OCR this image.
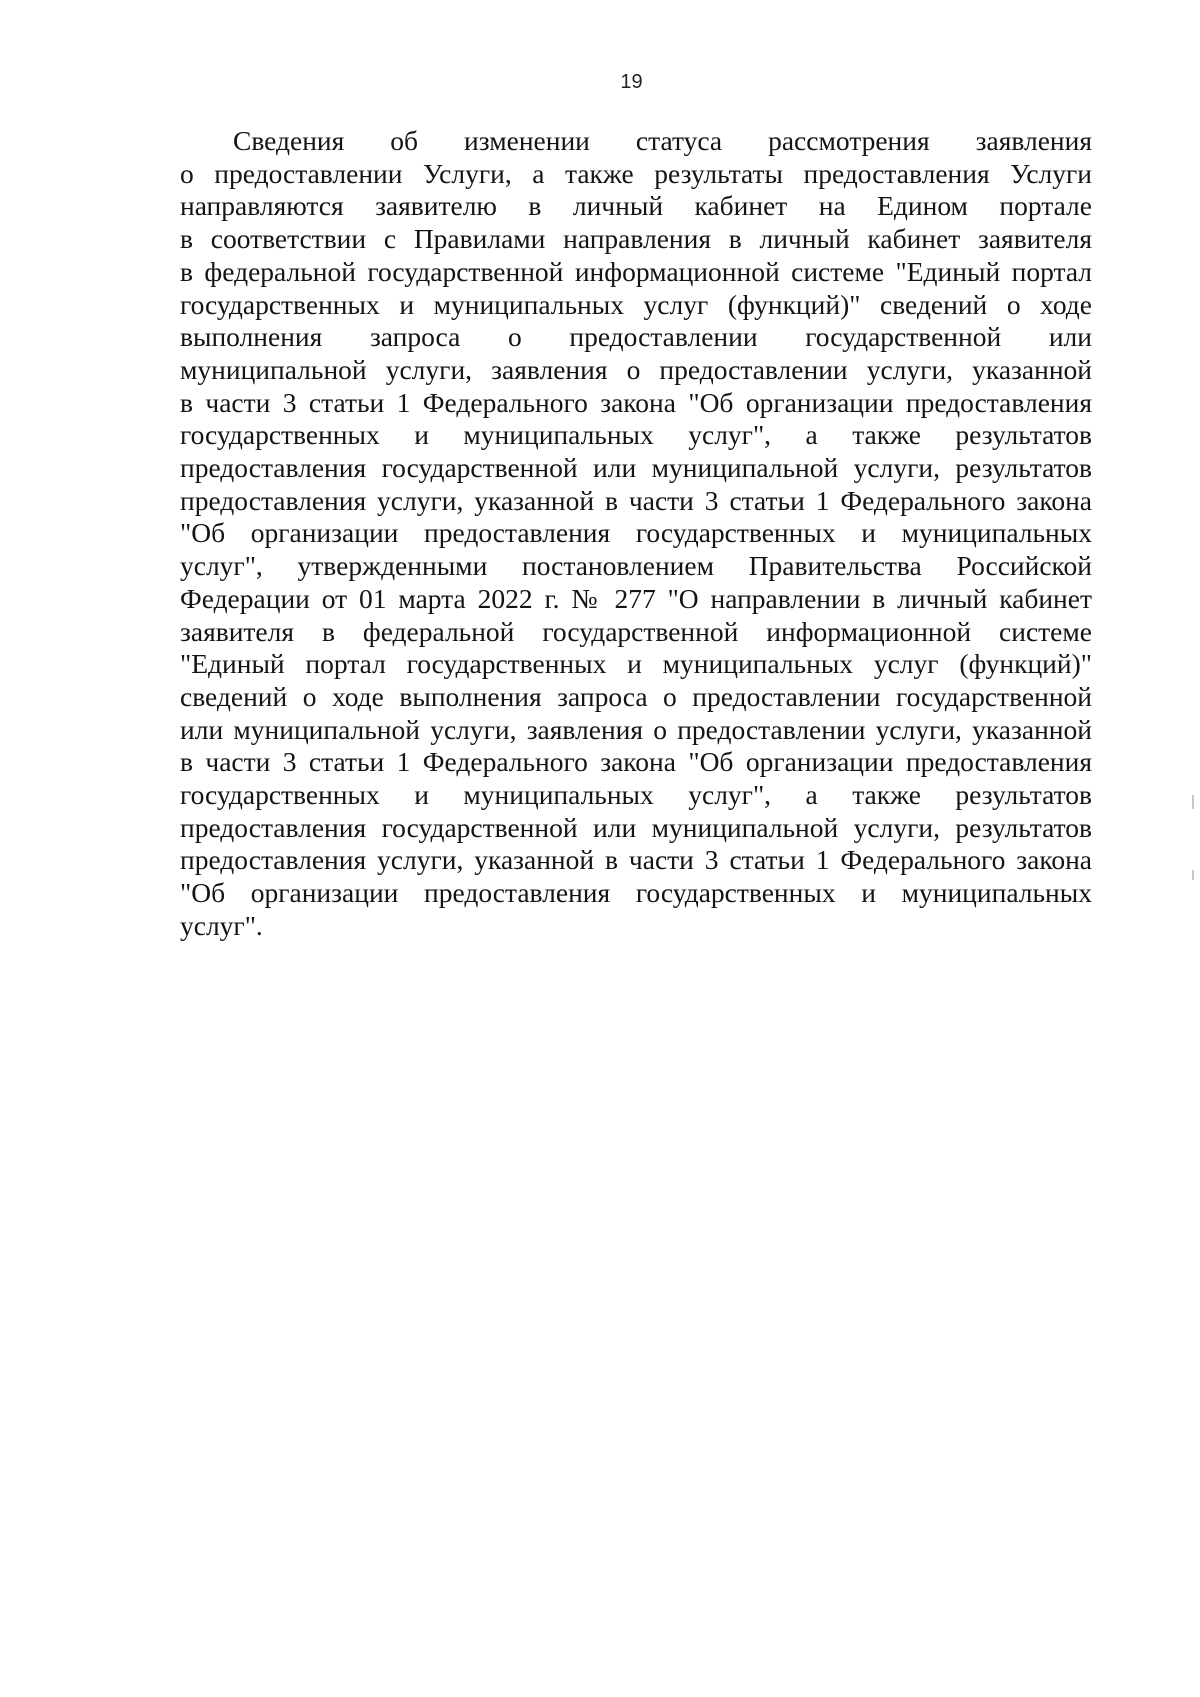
19
Сведения об изменении статуса рассмотрения заявления
о предоставлении Услуги, а также результаты предоставления Услуги
направляются заявителю в личный кабинет на Едином портале
в соответствии с Правилами направления в личный кабинет заявителя
в федеральной государственной информационной системе "Единый портал
государственных и муниципальных услуг (функций)" сведений о ходе
выполнения запроса о предоставлении государственной или
муниципальной услуги, заявления о предоставлении услуги, указанной
в части 3 статьи 1 Федерального закона "Об организации предоставления
государственных и муниципальных услуг", а также результатов
предоставления государственной или муниципальной услуги, результатов
предоставления услуги, указанной в части 3 статьи 1 Федерального закона
"Об организации предоставления государственных и муниципальных
услуг", утвержденными постановлением Правительства Российской
Федерации от 01 марта 2022 г. № 277 "О направлении в личный кабинет
заявителя в федеральной государственной информационной системе
"Единый портал государственных и муниципальных услуг (функций)"
сведений о ходе выполнения запроса о предоставлении государственной
или муниципальной услуги, заявления о предоставлении услуги, указанной
в части 3 статьи 1 Федерального закона "Об организации предоставления
государственных и муниципальных услуг", а также результатов
предоставления государственной или муниципальной услуги, результатов
предоставления услуги, указанной в части 3 статьи 1 Федерального закона
"Об организации предоставления государственных и муниципальных
услуг".
